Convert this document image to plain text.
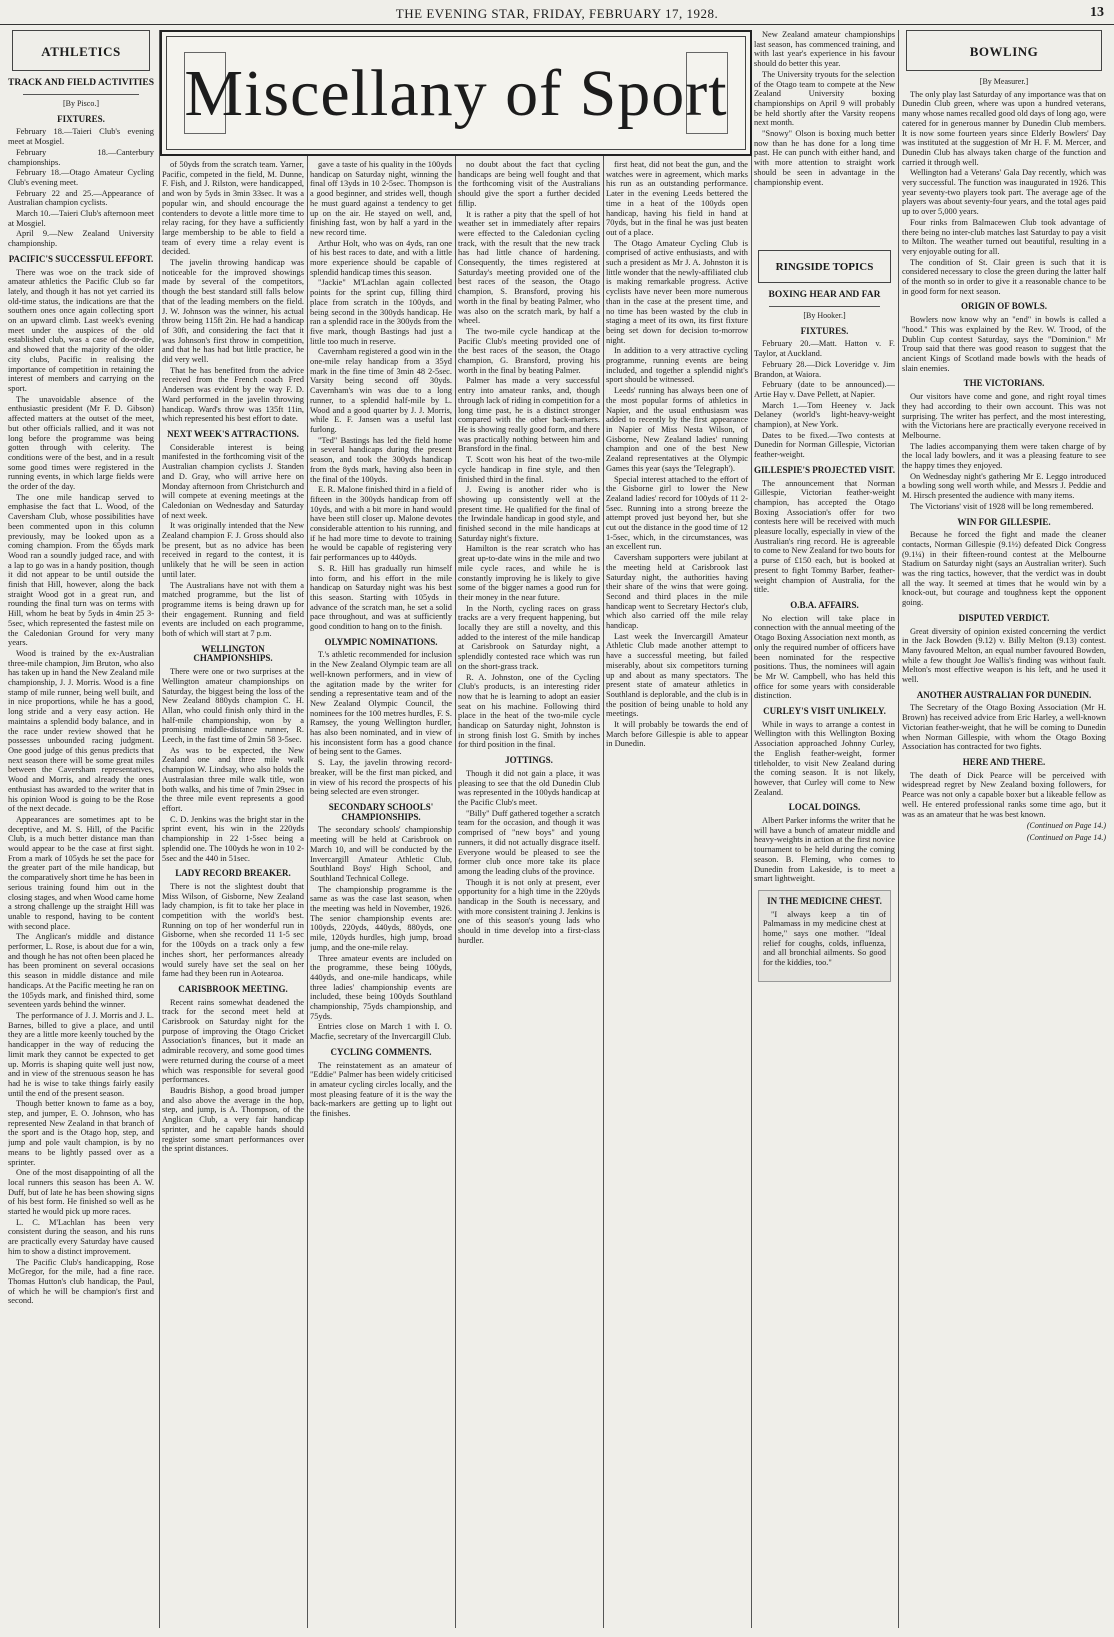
THE EVENING STAR, FRIDAY, FEBRUARY 17, 1928.	13
Miscellany of Sport
ATHLETICS
TRACK AND FIELD ACTIVITIES
[By Pisco.]
FIXTURES.

February 18.—Taieri Club's evening meet at Mosgiel.

February 18.—Canterbury championships.

February 18.—Otago Amateur Cycling Club's evening meet.

February 22 and 25.—Appearance of Australian champion cyclists.

March 10.—Taieri Club's afternoon meet at Mosgiel.

April 9.—New Zealand University championship.

PACIFIC'S SUCCESSFUL EFFORT.

There was woe on the track side of amateur athletics the Pacific Club so far lately, and though it has not yet carried its old-time status, the indications are that the southern ones once again collecting sport on an upward climb. Last week's evening meet under the auspices of the old established club, was a case of do-or-die, and showed that the majority of the older city clubs, Pacific in realising the importance of competition in retaining the interest of members and carrying on the sport.

The unavoidable absence of the enthusiastic president (Mr F. D. Gibson) affected matters at the outset of the meet, but other officials rallied, and it was not long before the programme was being gotten through with celerity. The conditions were of the best, and in a result some good times were registered in the running events, in which large fields were the order of the day.

The one mile handicap served to emphasise the fact that L. Wood, of the Caversham Club, whose possibilities have been commented upon in this column previously, may be looked upon as a coming champion. From the 65yds mark Wood ran a soundly judged race, and with a lap to go was in a handy position, though it did not appear to be until outside the finish that Hill, however, along the back straight Wood got in a great run, and rounding the final turn was on terms with Hill, whom he beat by 5yds in 4min 25 3-5sec, which represented the fastest mile on the Caledonian Ground for very many years.

Wood is trained by the ex-Australian three-mile champion, Jim Bruton, who also has taken up in hand the New Zealand mile championship, J. J. Morris. Wood is a fine stamp of mile runner, being well built, and in nice proportions, while he has a good, long stride and a very easy action. He maintains a splendid body balance, and in the race under review showed that he possesses unbounded racing judgment. One good judge of this genus predicts that next season there will be some great miles between the Caversham representatives, Wood and Morris, and already the ones enthusiast has awarded to the writer that in his opinion Wood is going to be the Rose of the next decade.

Appearances are sometimes apt to be deceptive, and M. S. Hill, of the Pacific Club, is a much better distance man than would appear to be the case at first sight. From a mark of 105yds he set the pace for the greater part of the mile handicap, but the comparatively short time he has been in serious training found him out in the closing stages, and when Wood came home a strong challenge up the straight Hill was unable to respond, having to be content with second place.

The Anglican's middle and distance performer, L. Rose, is about due for a win, and though he has not often been placed he has been prominent on several occasions this season in middle distance and mile handicaps. At the Pacific meeting he ran on the 105yds mark, and finished third, some seventeen yards behind the winner.

The performance of J. J. Morris and J. L. Barnes, billed to give a place, and until they are a little more keenly touched by the handicapper in the way of reducing the limit mark they cannot be expected to get up. Morris is shaping quite well just now, and in view of the strenuous season he has had he is wise to take things fairly easily until the end of the present season.

Though better known to fame as a boy, step, and jumper, E. O. Johnson, who has represented New Zealand in that branch of the sport and is the Otago hop, step, and jump and pole vault champion, is by no means to be lightly passed over as a sprinter.

One of the most disappointing of all the local runners this season has been A. W. Duff, but of late he has been showing signs of his best form. He finished so well as he started he would pick up more races.

L. C. M'Lachlan has been very consistent during the season, and his runs are practically every Saturday have caused him to show a distinct improvement.

The Pacific Club's handicapping, Rose McGregor, for the mile, had a fine race. Thomas Hutton's club handicap, the Paul, of which he will be champion's first and second.

of 50yds from the scratch team. Yarner, Pacific, competed in the field, M. Dunne, F. Fish, and J. Rilston, were handicapped, and won by 5yds in 3min 33sec. It was a popular win, and should encourage the contenders to devote a little more time to relay racing, for they have a sufficiently large membership to be able to field a team of every time a relay event is decided.

The javelin throwing handicap was noticeable for the improved showings made by several of the competitors, though the best standard still falls below that of the leading members on the field. J. W. Johnson was the winner, his actual throw being 115ft 2in. He had a handicap of 30ft, and considering the fact that it was Johnson's first throw in competition, and that he has had but little practice, he did very well.

That he has benefited from the advice received from the French coach Fred Andersen was evident by the way F. D. Ward performed in the javelin throwing handicap. Ward's throw was 135ft 11in, which represented his best effort to date.

NEXT WEEK'S ATTRACTIONS.

Considerable interest is being manifested in the forthcoming visit of the Australian champion cyclists J. Standen and D. Gray, who will arrive here on Monday afternoon from Christchurch and will compete at evening meetings at the Caledonian on Wednesday and Saturday of next week.

It was originally intended that the New Zealand champion F. J. Gross should also be present, but as no advice has been received in regard to the contest, it is unlikely that he will be seen in action until later.

The Australians have not with them a matched programme, but the list of programme items is being drawn up for their engagement. Running and field events are included on each programme, both of which will start at 7 p.m.

WELLINGTON CHAMPIONSHIPS.

There were one or two surprises at the Wellington amateur championships on Saturday, the biggest being the loss of the New Zealand 880yds champion C. H. Allan, who could finish only third in the half-mile championship, won by a promising middle-distance runner, R. Leech, in the fast time of 2min 58 3-5sec.

As was to be expected, the New Zealand one and three mile walk champion W. Lindsay, who also holds the Australasian three mile walk title, won both walks, and his time of 7min 29sec in the three mile event represents a good effort.

C. D. Jenkins was the bright star in the sprint event, his win in the 220yds championship in 22 1-5sec being a splendid one. The 100yds he won in 10 2-5sec and the 440 in 51sec.

LADY RECORD BREAKER.

There is not the slightest doubt that Miss Wilson, of Gisborne, New Zealand lady champion, is fit to take her place in competition with the world's best. Running on top of her wonderful run in Gisborne, when she recorded 11 1-5 sec for the 100yds on a track only a few inches short, her performances already would surely have set the seal on her fame had they been run in Aotearoa.

CARISBROOK MEETING.

Recent rains somewhat deadened the track for the second meet held at Carisbrook on Saturday night for the purpose of improving the Otago Cricket Association's finances, but it made an admirable recovery, and some good times were returned during the course of a meet which was responsible for several good performances.

Baudris Bishop, a good broad jumper and also above the average in the hop, step, and jump, is A. Thompson, of the Anglican Club, a very fair handicap sprinter, and he capable hands should register some smart performances over the sprint distances.

gave a taste of his quality in the 100yds handicap on Saturday night, winning the final off 13yds in 10 2-5sec. Thompson is a good beginner, and strides well, though he must guard against a tendency to get up on the air. He stayed on well, and, finishing fast, won by half a yard in the new record time.

Arthur Holt, who was on 4yds, ran one of his best races to date, and with a little more experience should be capable of splendid handicap times this season.

"Jackie" M'Lachlan again collected points for the sprint cup, filling third place from scratch in the 100yds, and being second in the 300yds handicap. He ran a splendid race in the 300yds from the five mark, though Bastings had just a little too much in reserve.

Cavernham registered a good win in the one-mile relay handicap from a 35yd mark in the fine time of 3min 48 2-5sec. Varsity being second off 30yds. Cavernham's win was due to a long runner, to a splendid half-mile by L. Wood and a good quarter by J. J. Morris, while E. F. Jansen was a useful last furlong.

"Ted" Bastings has led the field home in several handicaps during the present season, and took the 300yds handicap from the 8yds mark, having also been in the final of the 100yds.

E. R. Malone finished third in a field of fifteen in the 300yds handicap from off 10yds, and with a bit more in hand would have been still closer up. Malone devotes considerable attention to his running, and if he had more time to devote to training he would be capable of registering very fair performances up to 440yds.

S. R. Hill has gradually run himself into form, and his effort in the mile handicap on Saturday night was his best this season. Starting with 105yds in advance of the scratch man, he set a solid pace throughout, and was at sufficiently good condition to hang on to the finish.

OLYMPIC NOMINATIONS.

T.'s athletic recommended for inclusion in the New Zealand Olympic team are all well-known performers, and in view of the agitation made by the writer for sending a representative team and of the New Zealand Olympic Council, the nominees for the 100 metres hurdles, F. S. Ramsey, the young Wellington hurdler, has also been nominated, and in view of his inconsistent form has a good chance of being sent to the Games.

S. Lay, the javelin throwing record-breaker, will be the first man picked, and in view of his record the prospects of his being selected are even stronger.

SECONDARY SCHOOLS' CHAMPIONSHIPS.

The secondary schools' championship meeting will be held at Carisbrook on March 10, and will be conducted by the Invercargill Amateur Athletic Club, Southland Boys' High School, and Southland Technical College.

The championship programme is the same as was the case last season, when the meeting was held in November, 1926. The senior championship events are: 100yds, 220yds, 440yds, 880yds, one mile, 120yds hurdles, high jump, broad jump, and the one-mile relay.

Three amateur events are included on the programme, these being 100yds, 440yds, and one-mile handicaps, while three ladies' championship events are included, these being 100yds Southland championship, 75yds championship, and 75yds.

Entries close on March 1 with I. O. Macfie, secretary of the Invercargill Club.

CYCLING COMMENTS.

The reinstatement as an amateur of "Eddie" Palmer has been widely criticised in amateur cycling circles locally, and the most pleasing feature of it is the way the back-markers are getting up to light out the finishes.

no doubt about the fact that cycling handicaps are being well fought and that the forthcoming visit of the Australians should give the sport a further decided fillip.

It is rather a pity that the spell of hot weather set in immediately after repairs were effected to the Caledonian cycling track, with the result that the new track has had little chance of hardening. Consequently, the times registered at Saturday's meeting provided one of the best races of the season, the Otago champion, S. Bransford, proving his worth in the final by beating Palmer, who was also on the scratch mark, by half a wheel.

The two-mile cycle handicap at the Pacific Club's meeting provided one of the best races of the season, the Otago champion, G. Bransford, proving his worth in the final by beating Palmer.

Palmer has made a very successful entry into amateur ranks, and, though through lack of riding in competition for a long time past, he is a distinct stronger compared with the other back-markers. He is showing really good form, and there was practically nothing between him and Bransford in the final.

T. Scott won his heat of the two-mile cycle handicap in fine style, and then finished third in the final.

J. Ewing is another rider who is showing up consistently well at the present time. He qualified for the final of the Irwindale handicap in good style, and finished second in the mile handicaps at Saturday night's fixture.

Hamilton is the rear scratch who has great up-to-date wins in the mile and two mile cycle races, and while he is constantly improving he is likely to give some of the bigger names a good run for their money in the near future.

In the North, cycling races on grass tracks are a very frequent happening, but locally they are still a novelty, and this added to the interest of the mile handicap at Carisbrook on Saturday night, a splendidly contested race which was run on the short-grass track.

R. A. Johnston, one of the Cycling Club's products, is an interesting rider now that he is learning to adopt an easier seat on his machine. Following third place in the heat of the two-mile cycle handicap on Saturday night, Johnston is in strong finish lost G. Smith by inches for third position in the final.

JOTTINGS.

Though it did not gain a place, it was pleasing to see that the old Dunedin Club was represented in the 100yds handicap at the Pacific Club's meet.

"Billy" Duff gathered together a scratch team for the occasion, and though it was comprised of "new boys" and young runners, it did not actually disgrace itself. Everyone would be pleased to see the former club once more take its place among the leading clubs of the province.

Though it is not only at present, ever opportunity for a high time in the 220yds handicap in the South is necessary, and with more consistent training J. Jenkins is one of this season's young lads who should in time develop into a first-class hurdler.

first heat, did not beat the gun, and the watches were in agreement, which marks his run as an outstanding performance. Later in the evening Leeds bettered the time in a heat of the 100yds open handicap, having his field in hand at 70yds, but in the final he was just beaten out of a place.

The Otago Amateur Cycling Club is comprised of active enthusiasts, and with such a president as Mr J. A. Johnston it is little wonder that the newly-affiliated club is making remarkable progress. Active cyclists have never been more numerous than in the case at the present time, and no time has been wasted by the club in staging a meet of its own, its first fixture being set down for decision to-morrow night.

In addition to a very attractive cycling programme, running events are being included, and together a splendid night's sport should be witnessed.

Leeds' running has always been one of the most popular forms of athletics in Napier, and the usual enthusiasm was added to recently by the first appearance in Napier of Miss Nesta Wilson, of Gisborne, New Zealand ladies' running champion and one of the best New Zealand representatives at the Olympic Games this year (says the 'Telegraph').

Special interest attached to the effort of the Gisborne girl to lower the New Zealand ladies' record for 100yds of 11 2-5sec. Running into a strong breeze the attempt proved just beyond her, but she cut out the distance in the good time of 12 1-5sec, which, in the circumstances, was an excellent run.

Caversham supporters were jubilant at the meeting held at Carisbrook last Saturday night, the authorities having their share of the wins that were going. Second and third places in the mile handicap went to Secretary Hector's club, which also carried off the mile relay handicap.

Last week the Invercargill Amateur Athletic Club made another attempt to have a successful meeting, but failed miserably, about six competitors turning up and about as many spectators. The present state of amateur athletics in Southland is deplorable, and the club is in the position of being unable to hold any meetings.

It will probably be towards the end of March before Gillespie is able to appear in Dunedin.

RINGSIDE TOPICS
BOXING HEAR AND FAR
[By Hooker.]
FIXTURES.

February 20.—Matt. Hatton v. F. Taylor, at Auckland.

February 28.—Dick Loveridge v. Jim Brandon, at Waiora.

February (date to be announced).—Artie Hay v. Dave Pellett, at Napier.

March 1.—Tom Heeney v. Jack Delaney (world's light-heavy-weight champion), at New York.

Dates to be fixed.—Two contests at Dunedin for Norman Gillespie, Victorian feather-weight.

GILLESPIE'S PROJECTED VISIT.

The announcement that Norman Gillespie, Victorian feather-weight champion, has accepted the Otago Boxing Association's offer for two contests here will be received with much pleasure locally, especially in view of the Australian's ring record. He is agreeable to come to New Zealand for two bouts for a purse of £150 each, but is booked at present to fight Tommy Barber, feather-weight champion of Australia, for the title.

O.B.A. AFFAIRS.

No election will take place in connection with the annual meeting of the Otago Boxing Association next month, as only the required number of officers have been nominated for the respective positions. Thus, the nominees will again be Mr W. Campbell, who has held this office for some years with considerable distinction.

CURLEY'S VISIT UNLIKELY.

While in ways to arrange a contest in Wellington with this Wellington Boxing Association approached Johnny Curley, the English feather-weight, former titleholder, to visit New Zealand during the coming season. It is not likely, however, that Curley will come to New Zealand.

LOCAL DOINGS.

Albert Parker informs the writer that he will have a bunch of amateur middle and heavy-weights in action at the first novice tournament to be held during the coming season. B. Fleming, who comes to Dunedin from Lakeside, is to meet a smart lightweight.

IN THE MEDICINE CHEST.

"I always keep a tin of Palmamass in my medicine chest at home," says one mother. "Ideal relief for coughs, colds, influenza, and all bronchial ailments. So good for the kiddies, too."

New Zealand amateur championships last season, has commenced training, and with last year's experience in his favour should do better this year.

The University tryouts for the selection of the Otago team to compete at the New Zealand University boxing championships on April 9 will probably be held shortly after the Varsity reopens next month.

"Snowy" Olson is boxing much better now than he has done for a long time past. He can punch with either hand, and with more attention to straight work should be seen in advantage in the championship event.

BOWLING
[By Measurer.]

The only play last Saturday of any importance was that on Dunedin Club green, where was upon a hundred veterans, many whose names recalled good old days of long ago, were catered for in generous manner by Dunedin Club members. It is now some fourteen years since Elderly Bowlers' Day was instituted at the suggestion of Mr H. F. M. Mercer, and Dunedin Club has always taken charge of the function and carried it through well.

Wellington had a Veterans' Gala Day recently, which was very successful. The function was inaugurated in 1926. This year seventy-two players took part. The average age of the players was about seventy-four years, and the total ages paid up to over 5,000 years.

Four rinks from Balmacewen Club took advantage of there being no inter-club matches last Saturday to pay a visit to Milton. The weather turned out beautiful, resulting in a very enjoyable outing for all.

The condition of St. Clair green is such that it is considered necessary to close the green during the latter half of the month so in order to give it a reasonable chance to be in good form for next season.

ORIGIN OF BOWLS.

Bowlers now know why an "end" in bowls is called a "hood." This was explained by the Rev. W. Trood, of the Dublin Cup contest Saturday, says the "Dominion." Mr Troup said that there was good reason to suggest that the ancient Kings of Scotland made bowls with the heads of slain enemies.

THE VICTORIANS.

Our visitors have come and gone, and right royal times they had according to their own account. This was not surprising. The writer has perfect, and the most interesting, with the Victorians here are practically everyone received in Melbourne.

The ladies accompanying them were taken charge of by the local lady bowlers, and it was a pleasing feature to see the happy times they enjoyed.

On Wednesday night's gathering Mr E. Leggo introduced a bowling song well worth while, and Messrs J. Peddie and M. Hirsch presented the audience with many items.

The Victorians' visit of 1928 will be long remembered.

WIN FOR GILLESPIE.

Because he forced the fight and made the cleaner contacts, Norman Gillespie (9.1½) defeated Dick Congress (9.1¼) in their fifteen-round contest at the Melbourne Stadium on Saturday night (says an Australian writer). Such was the ring tactics, however, that the verdict was in doubt all the way. It seemed at times that he would win by a knock-out, but courage and toughness kept the opponent going.

DISPUTED VERDICT.

Great diversity of opinion existed concerning the verdict in the Jack Bowden (9.12) v. Billy Melton (9.13) contest. Many favoured Melton, an equal number favoured Bowden, while a few thought Joe Wallis's finding was without fault. Melton's most effective weapon is his left, and he used it well.

ANOTHER AUSTRALIAN FOR DUNEDIN.

The Secretary of the Otago Boxing Association (Mr H. Brown) has received advice from Eric Harley, a well-known Victorian feather-weight, that he will be coming to Dunedin when Norman Gillespie, with whom the Otago Boxing Association has contracted for two fights.

HERE AND THERE.

The death of Dick Pearce will be perceived with widespread regret by New Zealand boxing followers, for Pearce was not only a capable boxer but a likeable fellow as well. He entered professional ranks some time ago, but it was as an amateur that he was best known.

(Continued on Page 14.)
(Continued on Page 14.)
